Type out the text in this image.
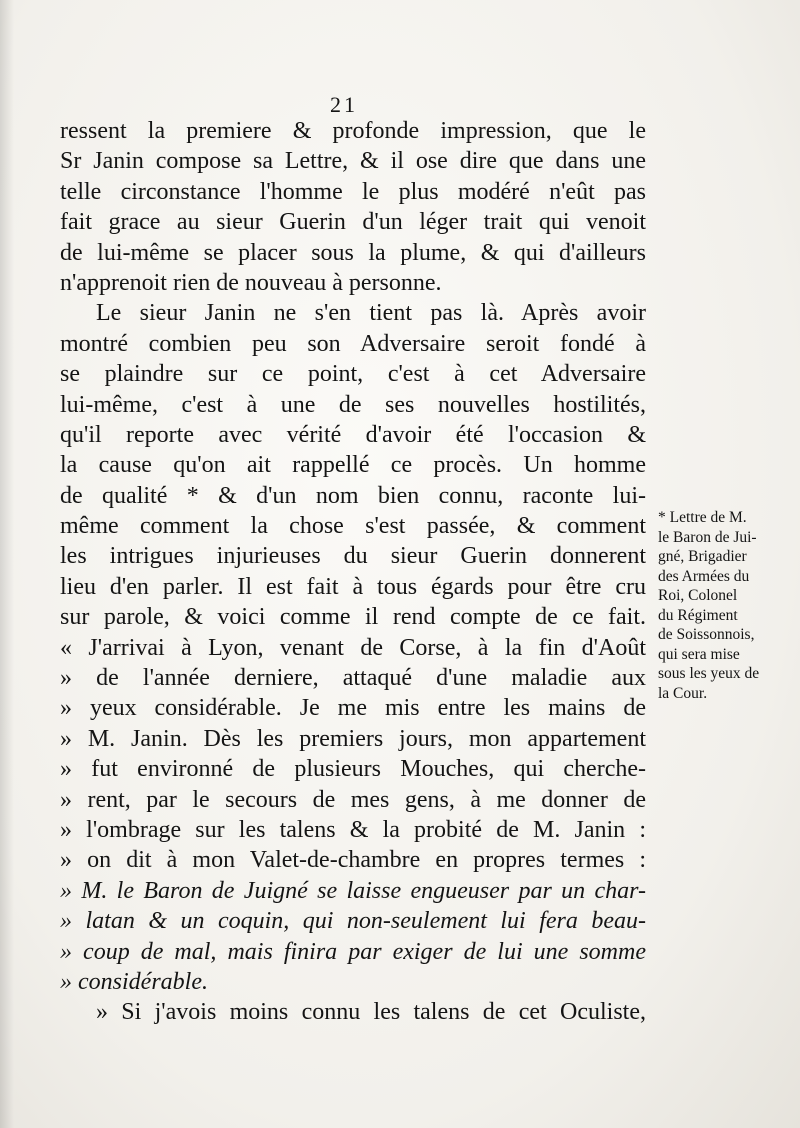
21
ressent la premiere & profonde impression, que le
Sr Janin compose sa Lettre, & il ose dire que dans une
telle circonstance l'homme le plus modéré n'eût pas
fait grace au sieur Guerin d'un léger trait qui venoit
de lui-même se placer sous la plume, & qui d'ailleurs
n'apprenoit rien de nouveau à personne.
Le sieur Janin ne s'en tient pas là. Après avoir
montré combien peu son Adversaire seroit fondé à
se plaindre sur ce point, c'est à cet Adversaire
lui-même, c'est à une de ses nouvelles hostilités,
qu'il reporte avec vérité d'avoir été l'occasion &
la cause qu'on ait rappellé ce procès. Un homme
de qualité * & d'un nom bien connu, raconte lui-
même comment la chose s'est passée, & comment
les intrigues injurieuses du sieur Guerin donnerent
lieu d'en parler. Il est fait à tous égards pour être cru
sur parole, & voici comme il rend compte de ce fait.
« J'arrivai à Lyon, venant de Corse, à la fin d'Août
» de l'année derniere, attaqué d'une maladie aux
» yeux considérable. Je me mis entre les mains de
» M. Janin. Dès les premiers jours, mon appartement
» fut environné de plusieurs Mouches, qui cherche-
» rent, par le secours de mes gens, à me donner de
» l'ombrage sur les talens & la probité de M. Janin :
» on dit à mon Valet-de-chambre en propres termes :
» M. le Baron de Juigné se laisse engueuser par un char-
» latan & un coquin, qui non-seulement lui fera beau-
» coup de mal, mais finira par exiger de lui une somme
» considérable.
» Si j'avois moins connu les talens de cet Oculiste,
* Lettre de M.
le Baron de Jui-
gné, Brigadier
des Armées du
Roi, Colonel
du Régiment
de Soissonnois,
qui sera mise
sous les yeux de
la Cour.
